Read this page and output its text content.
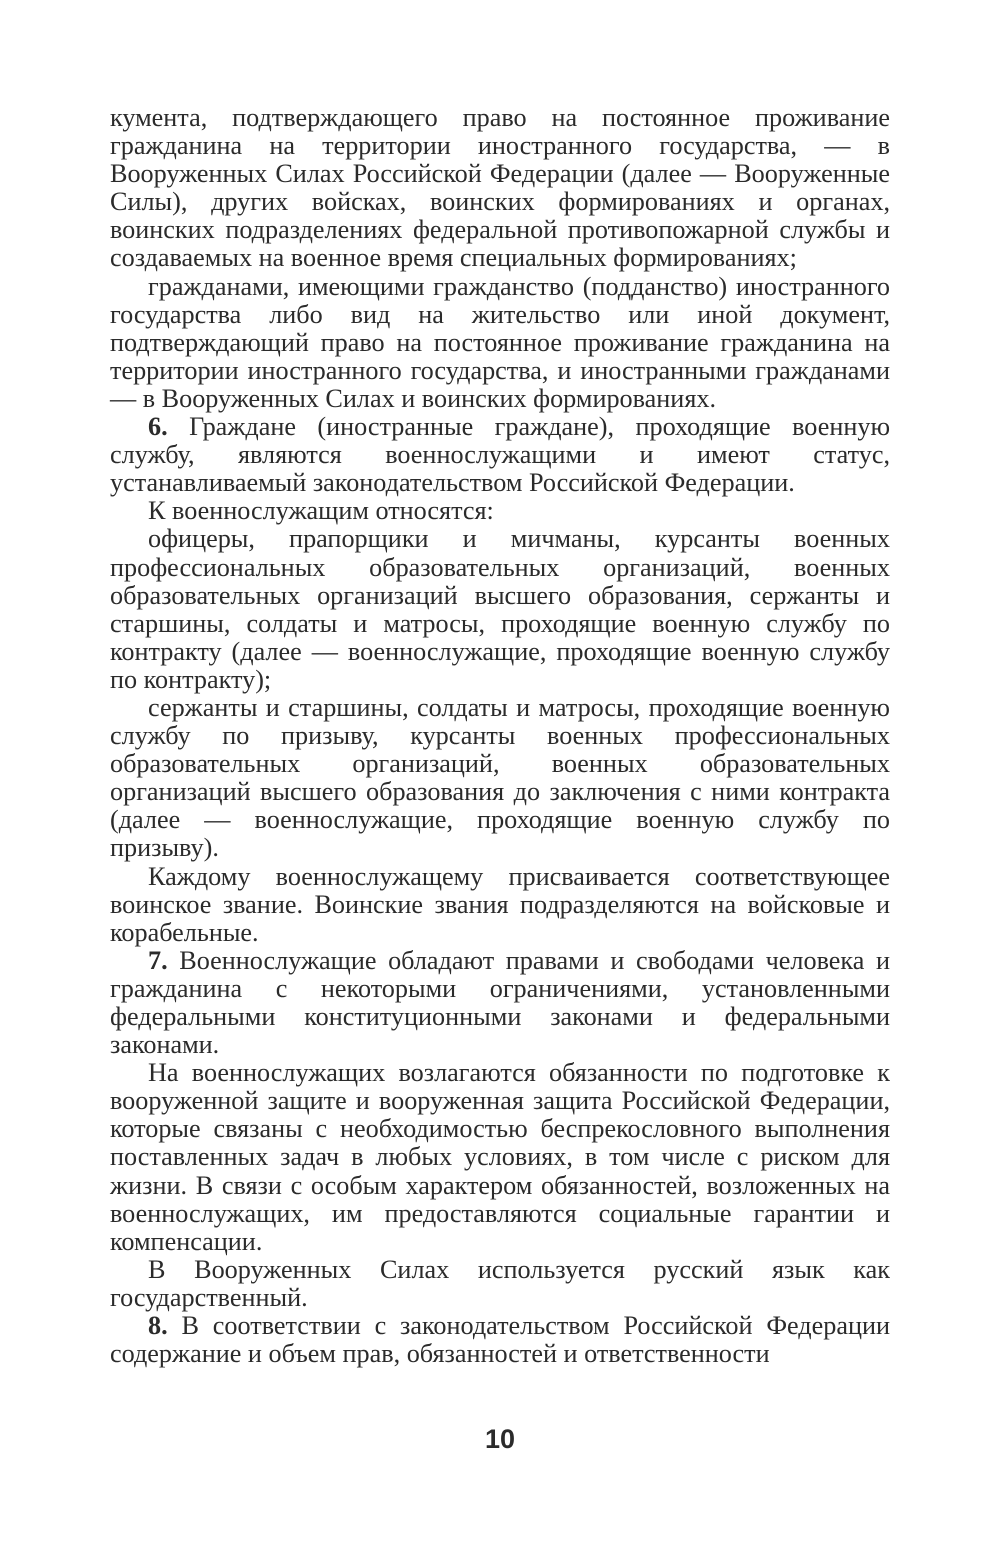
кумента, подтверждающего право на постоянное проживание гражданина на территории иностранного государства, — в Вооруженных Силах Российской Федерации (далее — Вооруженные Силы), других войсках, воинских формированиях и органах, воинских подразделениях федеральной противопожарной службы и создаваемых на военное время специальных формированиях;

гражданами, имеющими гражданство (подданство) иностранного государства либо вид на жительство или иной документ, подтверждающий право на постоянное проживание гражданина на территории иностранного государства, и иностранными гражданами — в Вооруженных Силах и воинских формированиях.

6. Граждане (иностранные граждане), проходящие военную службу, являются военнослужащими и имеют статус, устанавливаемый законодательством Российской Федерации.

К военнослужащим относятся:

офицеры, прапорщики и мичманы, курсанты военных профессиональных образовательных организаций, военных образовательных организаций высшего образования, сержанты и старшины, солдаты и матросы, проходящие военную службу по контракту (далее — военнослужащие, проходящие военную службу по контракту);

сержанты и старшины, солдаты и матросы, проходящие военную службу по призыву, курсанты военных профессиональных образовательных организаций, военных образовательных организаций высшего образования до заключения с ними контракта (далее — военнослужащие, проходящие военную службу по призыву).

Каждому военнослужащему присваивается соответствующее воинское звание. Воинские звания подразделяются на войсковые и корабельные.

7. Военнослужащие обладают правами и свободами человека и гражданина с некоторыми ограничениями, установленными федеральными конституционными законами и федеральными законами.

На военнослужащих возлагаются обязанности по подготовке к вооруженной защите и вооруженная защита Российской Федерации, которые связаны с необходимостью беспрекословного выполнения поставленных задач в любых условиях, в том числе с риском для жизни. В связи с особым характером обязанностей, возложенных на военнослужащих, им предоставляются социальные гарантии и компенсации.

В Вооруженных Силах используется русский язык как государственный.

8. В соответствии с законодательством Российской Федерации содержание и объем прав, обязанностей и ответственности

10
